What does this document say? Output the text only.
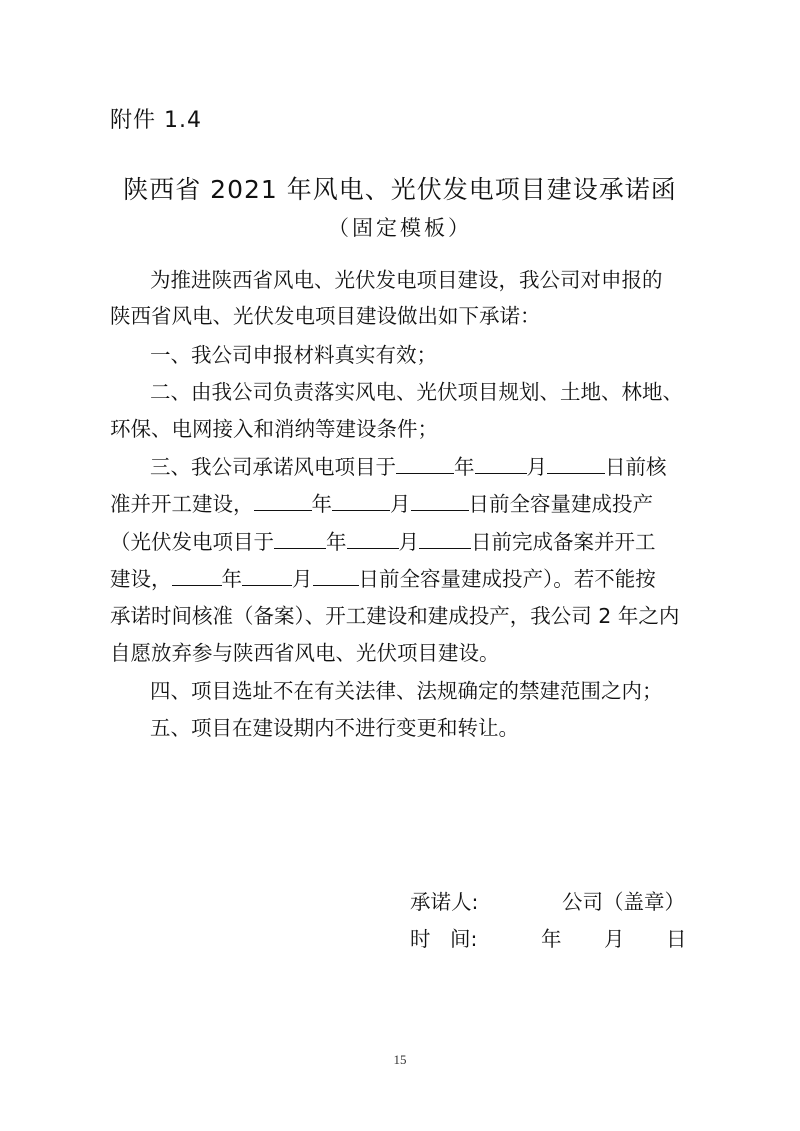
附件 1.4
陕西省 2021 年风电、光伏发电项目建设承诺函
（固定模板）
为推进陕西省风电、光伏发电项目建设，我公司对申报的
陕西省风电、光伏发电项目建设做出如下承诺：
一、我公司申报材料真实有效；
二、由我公司负责落实风电、光伏项目规划、土地、林地、
环保、电网接入和消纳等建设条件；
三、我公司承诺风电项目于	年	月	日前核
准并开工建设，	年	月	日前全容量建成投产
（光伏发电项目于	年	月	日前完成备案并开工
建设， 年 月 日前全容量建成投产）。若不能按
承诺时间核准（备案）、开工建设和建成投产，我公司 2 年之内
自愿放弃参与陕西省风电、光伏项目建设。
四、项目选址不在有关法律、法规确定的禁建范围之内；
五、项目在建设期内不进行变更和转让。
承诺人:	公司（盖章）
时   间:	年 月 日
15
